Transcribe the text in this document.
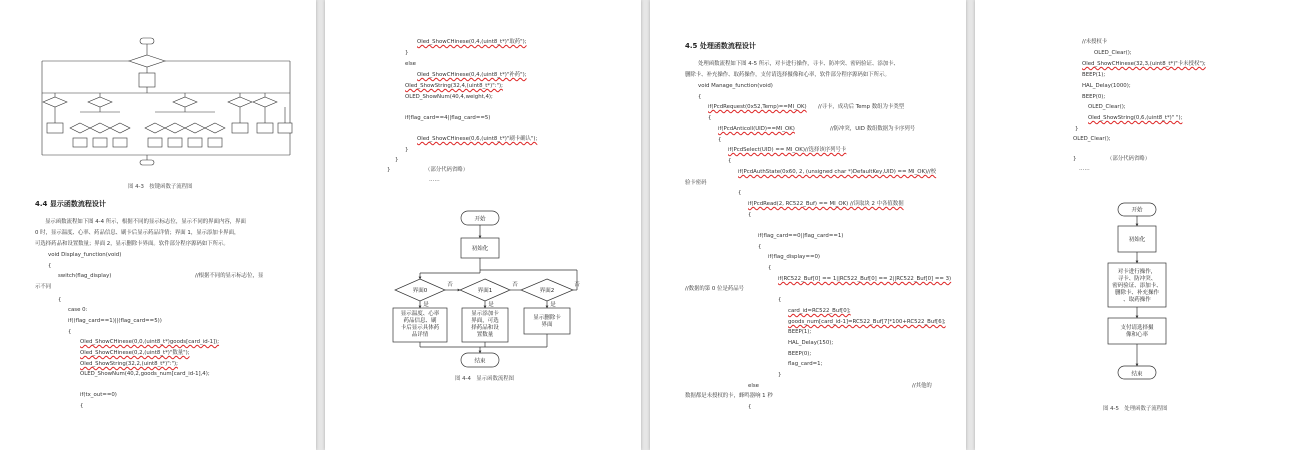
图 4-3　按键函数子流程图
4.4 显示函数流程设计
显示函数流程如下图 4-4 所示，根据不同的显示标志位，显示不同的界面内容，界面
0 时，显示温度、心率、药品信息、刷卡后显示药品详情；界面 1，显示添加卡界面，
可选择药品和设置数量；界面 2，显示删除卡界面。软件部分程序源码如下所示。
void Display_function(void)
{
switch(flag_display)	//根据不同的显示标志位，显
示不同
{
case 0:
if((flag_card==1)||(flag_card==5))
{
Oled_ShowCHinese(0,0,(uint8_t*)goods[card_id-1]);
Oled_ShowCHinese(0,2,(uint8_t*)"数量");
Oled_ShowString(32,2,(uint8_t*)":");
OLED_ShowNum(40,2,goods_num[card_id-1],4);
if(tx_out==0)
{
Oled_ShowCHinese(0,4,(uint8_t*)"取药");
}
else
Oled_ShowCHinese(0,4,(uint8_t*)"补药");
Oled_ShowString(32,4,(uint8_t*)":");
OLED_ShowNum(40,4,weight,4);
if(flag_card==4||flag_card==5)
Oled_ShowCHinese(0,6,(uint8_t*)"刷卡确认");
}
}
}	（部分代码省略）
……
开始
初始化
界面0	界面1	界面2
否	否	否
是	是	是
显示温度、心率
药品信息、刷
卡后显示具体药
品详情
显示添加卡
界面，可选
择药品和设
置数量
显示删除卡
界面
结束
图 4-4　显示函数流程图
4.5 处理函数流程设计
处理函数流程如下图 4-5 所示，对卡进行操作，寻卡、防冲突、密码验证、添加卡、
删除卡、补充操作、取药操作，支付请选择摄像和心率，软件部分程序源码如下所示。
void Manage_function(void)
{
if(PcdRequest(0x52,Temp)==MI_OK) //寻卡，成功后 Temp 数组为卡类型
{
if(PcdAnticoll(UID)==MI_OK)	//防冲突，UID 数组数据为卡序列号
{
if(PcdSelect(UID) == MI_OK)//选择该序列号卡
{
if(PcdAuthState(0x60, 2, (unsigned char *)DefaultKey,UID) == MI_OK)//校
验卡密码
{
if(PcdRead(2, RC522_Buf) == MI_OK) //读取块 2 中各值数据
{
if(flag_card==0||flag_card==1)
{
if(flag_display==0)
{
if(RC522_Buf[0] == 1||RC522_Buf[0] == 2||RC522_Buf[0] == 3)
//数据的第 0 位是药品号
{
card_id=RC522_Buf[0];
goods_num[card_id-1]=RC522_Buf[7]*100+RC522_Buf[6];
BEEP(1);
HAL_Delay(150);
BEEP(0);
flag_card=1;
}
else	//其他的
数据都是未授权的卡，蜂鸣器响 1 秒
{
//未授权卡
OLED_Clear();
Oled_ShowCHinese(32,3,(uint8_t*)"卡未授权");
BEEP(1);
HAL_Delay(1000);
BEEP(0);
OLED_Clear();
Oled_ShowString(0,6,(uint8_t*)" ");
}
OLED_Clear();
}	（部分代码省略）
……
开始
初始化
对卡进行操作，
寻卡、防冲突、
密码验证、添加卡、
删除卡、补充操作
、取药操作
支付请选择摄
像和心率
结束
图 4-5　处理函数子流程图
